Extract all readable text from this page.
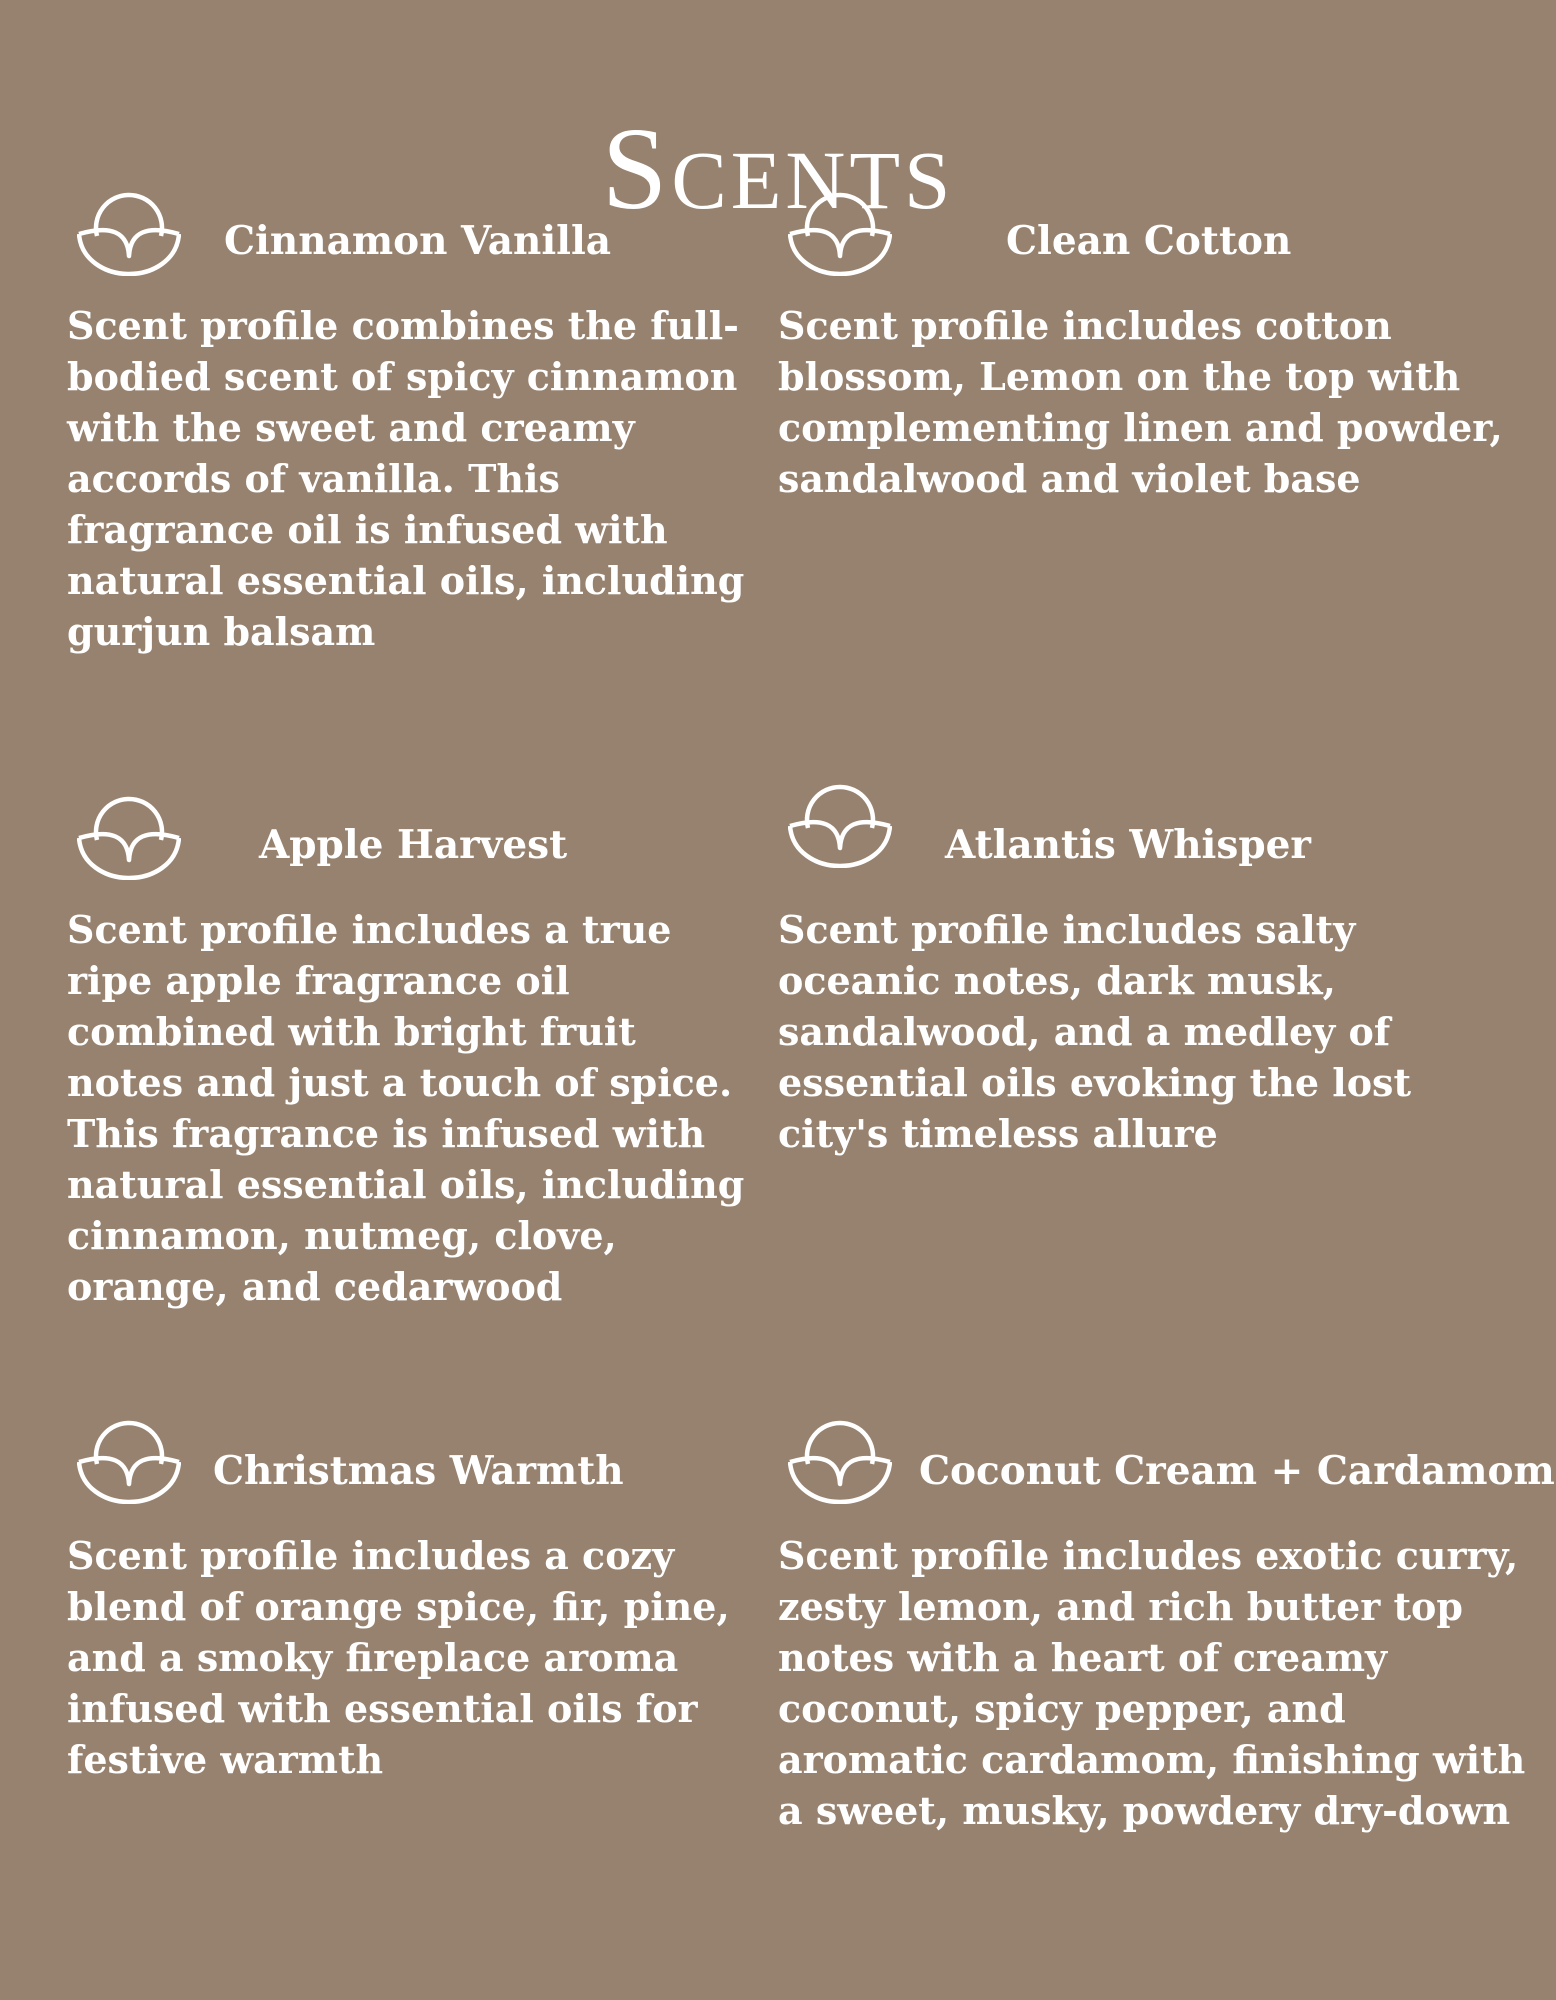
Scents
Cinnamon Vanilla

Scent profile combines the full-bodied scent of spicy cinnamon with the sweet and creamy accords of vanilla. This fragrance oil is infused with natural essential oils, including gurjun balsam

Clean Cotton

Scent profile includes cotton blossom, Lemon on the top with complementing linen and powder, sandalwood and violet base

Apple Harvest

Scent profile includes a true ripe apple fragrance oil combined with bright fruit notes and just a touch of spice. This fragrance is infused with natural essential oils, including cinnamon, nutmeg, clove, orange, and cedarwood

Atlantis Whisper

Scent profile includes salty oceanic notes, dark musk, sandalwood, and a medley of essential oils evoking the lost city's timeless allure

Christmas Warmth

Scent profile includes a cozy blend of orange spice, fir, pine, and a smoky fireplace aroma infused with essential oils for festive warmth

Coconut Cream + Cardamom

Scent profile includes exotic curry, zesty lemon, and rich butter top notes with a heart of creamy coconut, spicy pepper, and aromatic cardamom, finishing with a sweet, musky, powdery dry-down
